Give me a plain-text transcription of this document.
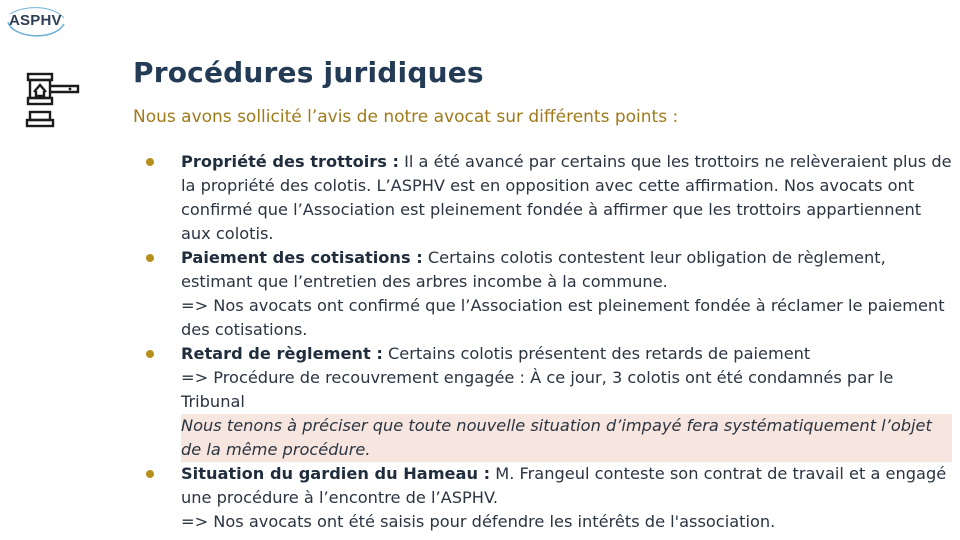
ASPHV
Procédures juridiques

Nous avons sollicité l’avis de notre avocat sur différents points :

Propriété des trottoirs : Il a été avancé par certains que les trottoirs ne relèveraient plus de la propriété des colotis. L’ASPHV est en opposition avec cette affirmation. Nos avocats ont confirmé que l’Association est pleinement fondée à affirmer que les trottoirs appartiennent aux colotis.
Paiement des cotisations : Certains colotis contestent leur obligation de règlement, estimant que l’entretien des arbres incombe à la commune.
=> Nos avocats ont confirmé que l’Association est pleinement fondée à réclamer le paiement des cotisations.
Retard de règlement : Certains colotis présentent des retards de paiement
=> Procédure de recouvrement engagée : À ce jour, 3 colotis ont été condamnés par le Tribunal
Nous tenons à préciser que toute nouvelle situation d’impayé fera systématiquement l’objet de la même procédure.
Situation du gardien du Hameau : M. Frangeul conteste son contrat de travail et a engagé une procédure à l’encontre de l’ASPHV.
=> Nos avocats ont été saisis pour défendre les intérêts de l'association.
